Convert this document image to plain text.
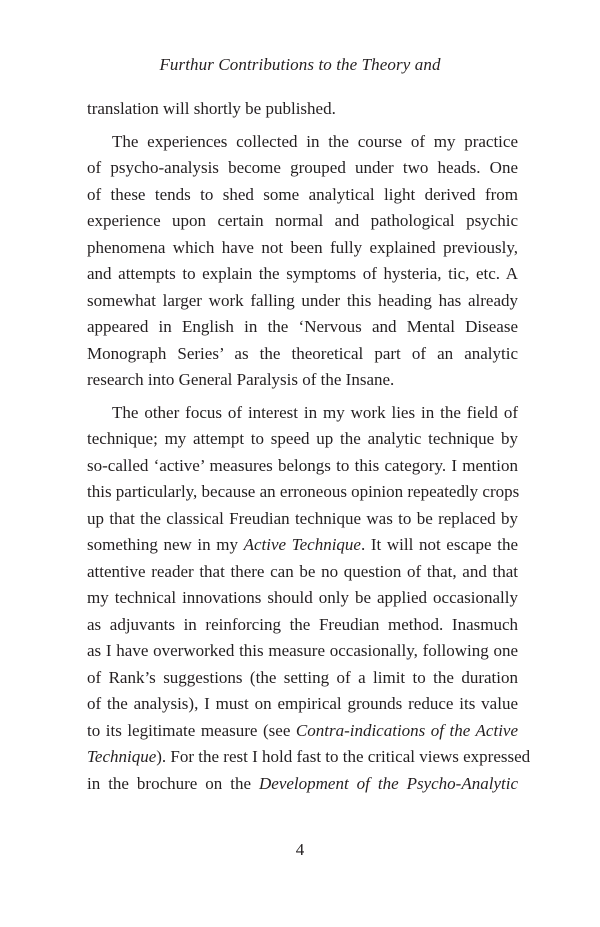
Furthur Contributions to the Theory and

translation will shortly be published.

The experiences collected in the course of my practice
of psycho-analysis become grouped under two heads. One
of these tends to shed some analytical light derived from
experience upon certain normal and pathological psychic
phenomena which have not been fully explained previously,
and attempts to explain the symptoms of hysteria, tic, etc. A
somewhat larger work falling under this heading has already
appeared in English in the ‘Nervous and Mental Disease
Monograph Series’ as the theoretical part of an analytic
research into General Paralysis of the Insane.

The other focus of interest in my work lies in the field of
technique; my attempt to speed up the analytic technique by
so-called ‘active’ measures belongs to this category. I mention
this particularly, because an erroneous opinion repeatedly crops
up that the classical Freudian technique was to be replaced by
something new in my Active Technique. It will not escape the
attentive reader that there can be no question of that, and that
my technical innovations should only be applied occasionally
as adjuvants in reinforcing the Freudian method. Inasmuch
as I have overworked this measure occasionally, following one
of Rank’s suggestions (the setting of a limit to the duration
of the analysis), I must on empirical grounds reduce its value
to its legitimate measure (see Contra-indications of the Active
Technique). For the rest I hold fast to the critical views expressed
in the brochure on the Development of the Psycho-Analytic

4
